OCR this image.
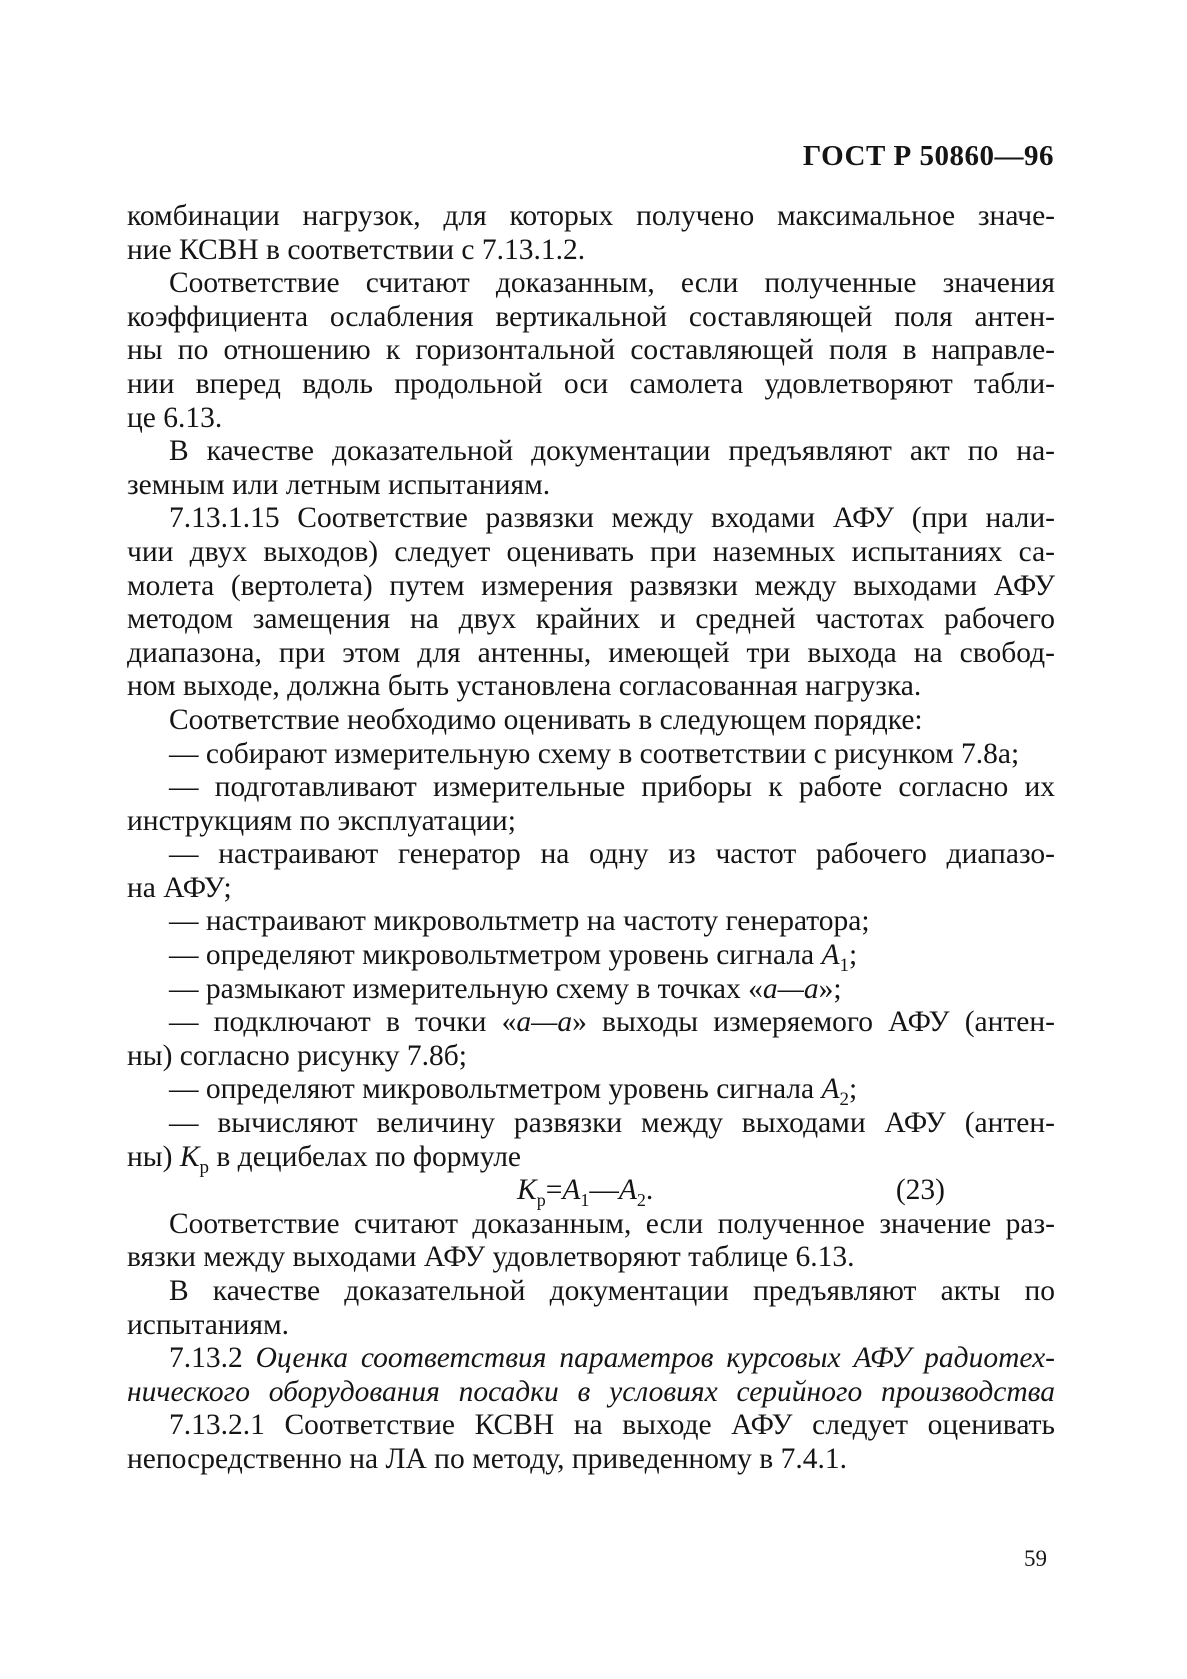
ГОСТ Р 50860—96
комбинации нагрузок, для которых получено максимальное значе-
ние КСВН в соответствии с 7.13.1.2.
Соответствие считают доказанным, если полученные значения
коэффициента ослабления вертикальной составляющей поля антен-
ны по отношению к горизонтальной составляющей поля в направле-
нии вперед вдоль продольной оси самолета удовлетворяют табли-
це 6.13.
В качестве доказательной документации предъявляют акт по на-
земным или летным испытаниям.
7.13.1.15 Соответствие развязки между входами АФУ (при нали-
чии двух выходов) следует оценивать при наземных испытаниях са-
молета (вертолета) путем измерения развязки между выходами АФУ
методом замещения на двух крайних и средней частотах рабочего
диапазона, при этом для антенны, имеющей три выхода на свобод-
ном выходе, должна быть установлена согласованная нагрузка.
Соответствие необходимо оценивать в следующем порядке:
— собирают измерительную схему в соответствии с рисунком 7.8а;
— подготавливают измерительные приборы к работе согласно их
инструкциям по эксплуатации;
— настраивают генератор на одну из частот рабочего диапазо-
на АФУ;
— настраивают микровольтметр на частоту генератора;
— определяют микровольтметром уровень сигнала $A_1$;
— размыкают измерительную схему в точках «а—а»;
— подключают в точки «а—а» выходы измеряемого АФУ (антен-
ны) согласно рисунку 7.8б;
— определяют микровольтметром уровень сигнала $A_2$;
— вычисляют величину развязки между выходами АФУ (антен-
ны) $K_р$ в децибелах по формуле
$K_р=A_1—A_2$.	(23)
Соответствие считают доказанным, если полученное значение раз-
вязки между выходами АФУ удовлетворяют таблице 6.13.
В качестве доказательной документации предъявляют акты по
испытаниям.
7.13.2 Оценка соответствия параметров курсовых АФУ радиотех-
нического оборудования посадки в условиях серийного производства
7.13.2.1 Соответствие КСВН на выходе АФУ следует оценивать
непосредственно на ЛА по методу, приведенному в 7.4.1.
59
